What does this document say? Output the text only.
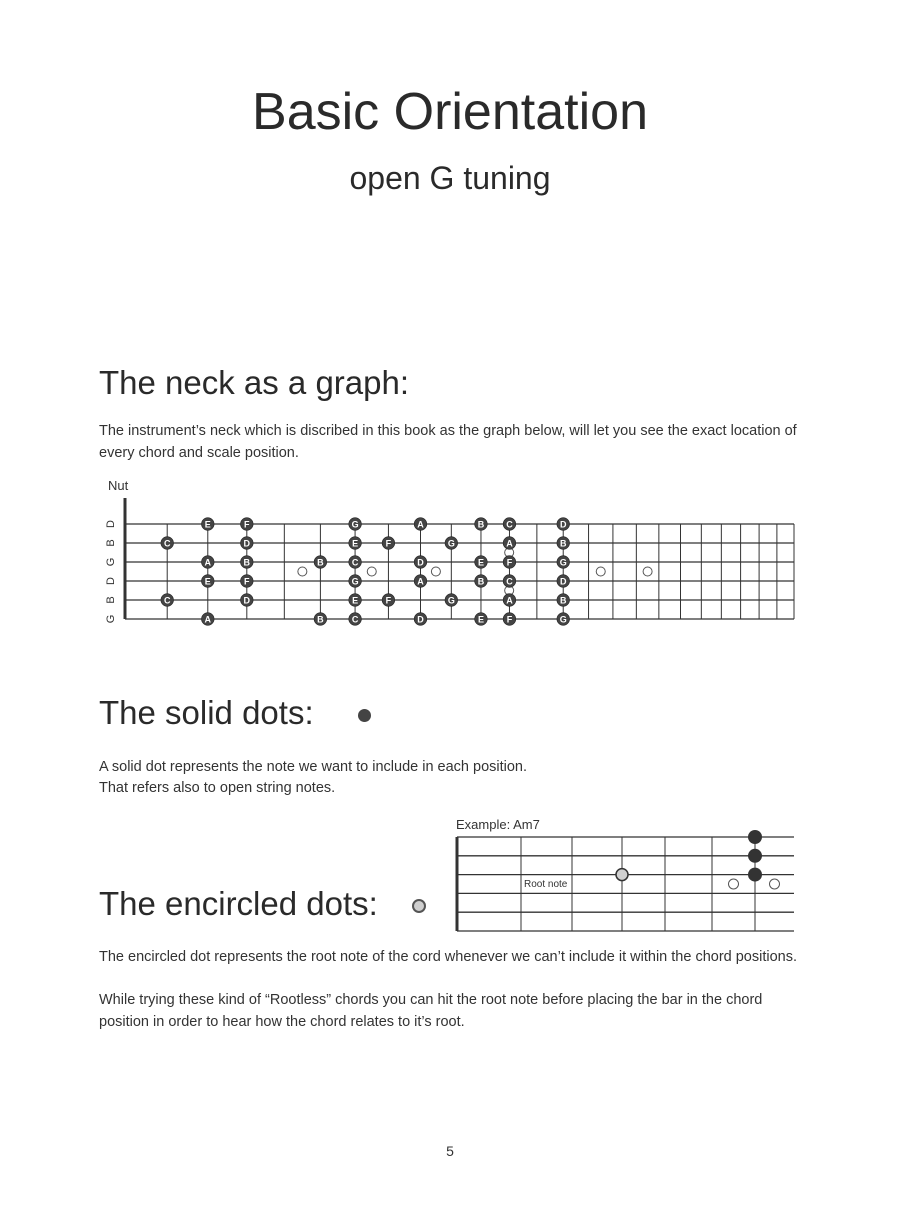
Basic Orientation
open G tuning
The neck as a graph:
The instrument’s neck which is discribed in this book as the graph below, will let you see the exact location of every chord and scale position.
Nut
D
B
G
D
B
G
C
C
E
A
E
A
F
D
B
F
D
B
B
G
E
C
G
E
C
F
F
A
D
A
D
G
G
B
E
B
E
C
A
F
C
A
F
D
B
G
D
B
G
The solid dots:
A solid dot represents the note we want to include in each position.
That refers also to open string notes.
Example: Am7
Root note
The encircled dots:
The encircled dot represents the root note of the cord whenever we can’t include it within the chord positions.
While trying these kind of “Rootless” chords you can hit the root note before placing the bar in the chord position in order to hear how the chord relates to it’s root.
5
